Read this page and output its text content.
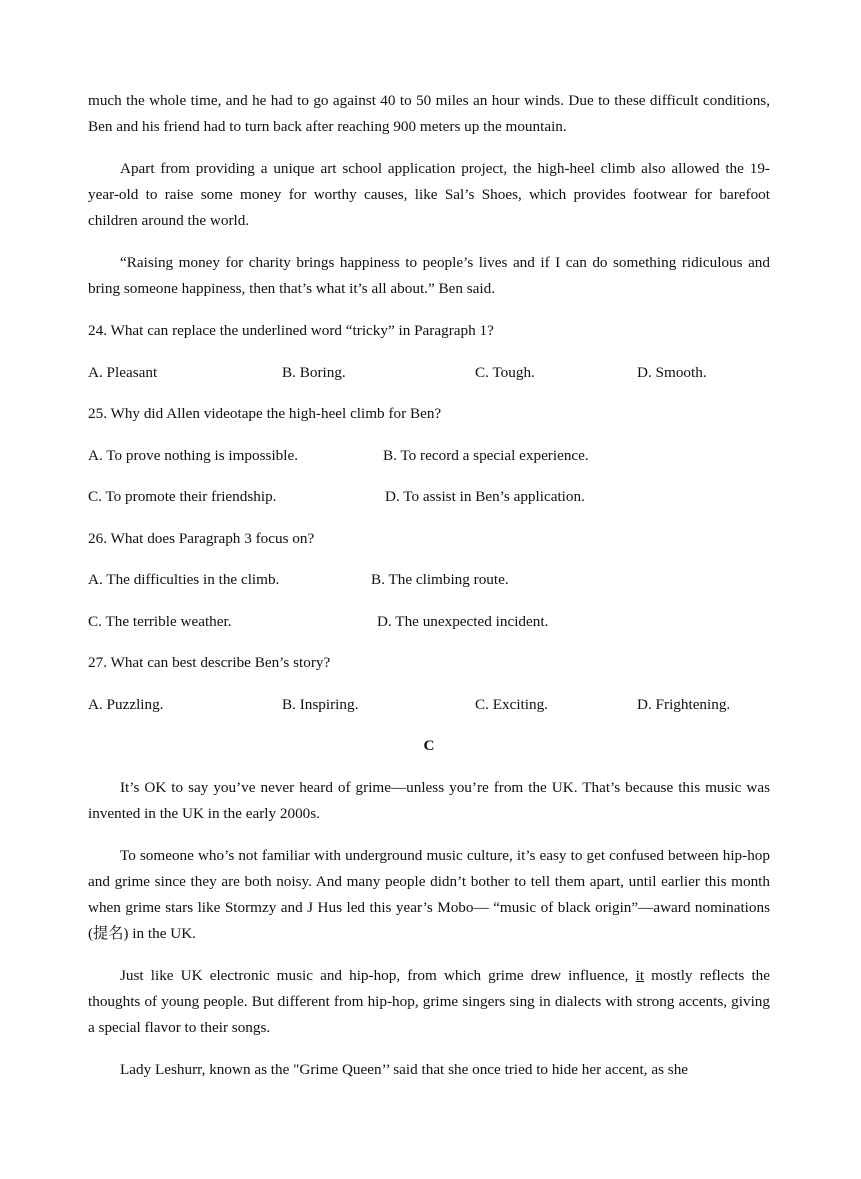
much the whole time, and he had to go against 40 to 50 miles an hour winds. Due to these difficult conditions, Ben and his friend had to turn back after reaching 900 meters up the mountain.

Apart from providing a unique art school application project, the high-heel climb also allowed the 19-year-old to raise some money for worthy causes, like Sal’s Shoes, which provides footwear for barefoot children around the world.

“Raising money for charity brings happiness to people’s lives and if I can do something ridiculous and bring someone happiness, then that’s what it’s all about.” Ben said.

24. What can replace the underlined word “tricky” in Paragraph 1?

A. Pleasant	B. Boring.	C. Tough.	D. Smooth.

25. Why did Allen videotape the high-heel climb for Ben?

A. To prove nothing is impossible.	B. To record a special experience.
C. To promote their friendship.	D. To assist in Ben’s application.

26. What does Paragraph 3 focus on?

A. The difficulties in the climb.	B. The climbing route.
C. The terrible weather.	D. The unexpected incident.

27. What can best describe Ben’s story?

A. Puzzling.	B. Inspiring.	C. Exciting.	D. Frightening.

C

It’s OK to say you’ve never heard of grime—unless you’re from the UK. That’s because this music was invented in the UK in the early 2000s.

To someone who’s not familiar with underground music culture, it’s easy to get confused between hip-hop and grime since they are both noisy. And many people didn’t bother to tell them apart, until earlier this month when grime stars like Stormzy and J Hus led this year’s Mobo— “music of black origin”—award nominations (提名) in the UK.

Just like UK electronic music and hip-hop, from which grime drew influence, it mostly reflects the thoughts of young people. But different from hip-hop, grime singers sing in dialects with strong accents, giving a special flavor to their songs.

Lady Leshurr, known as the "Grime Queen’’ said that she once tried to hide her accent, as she
